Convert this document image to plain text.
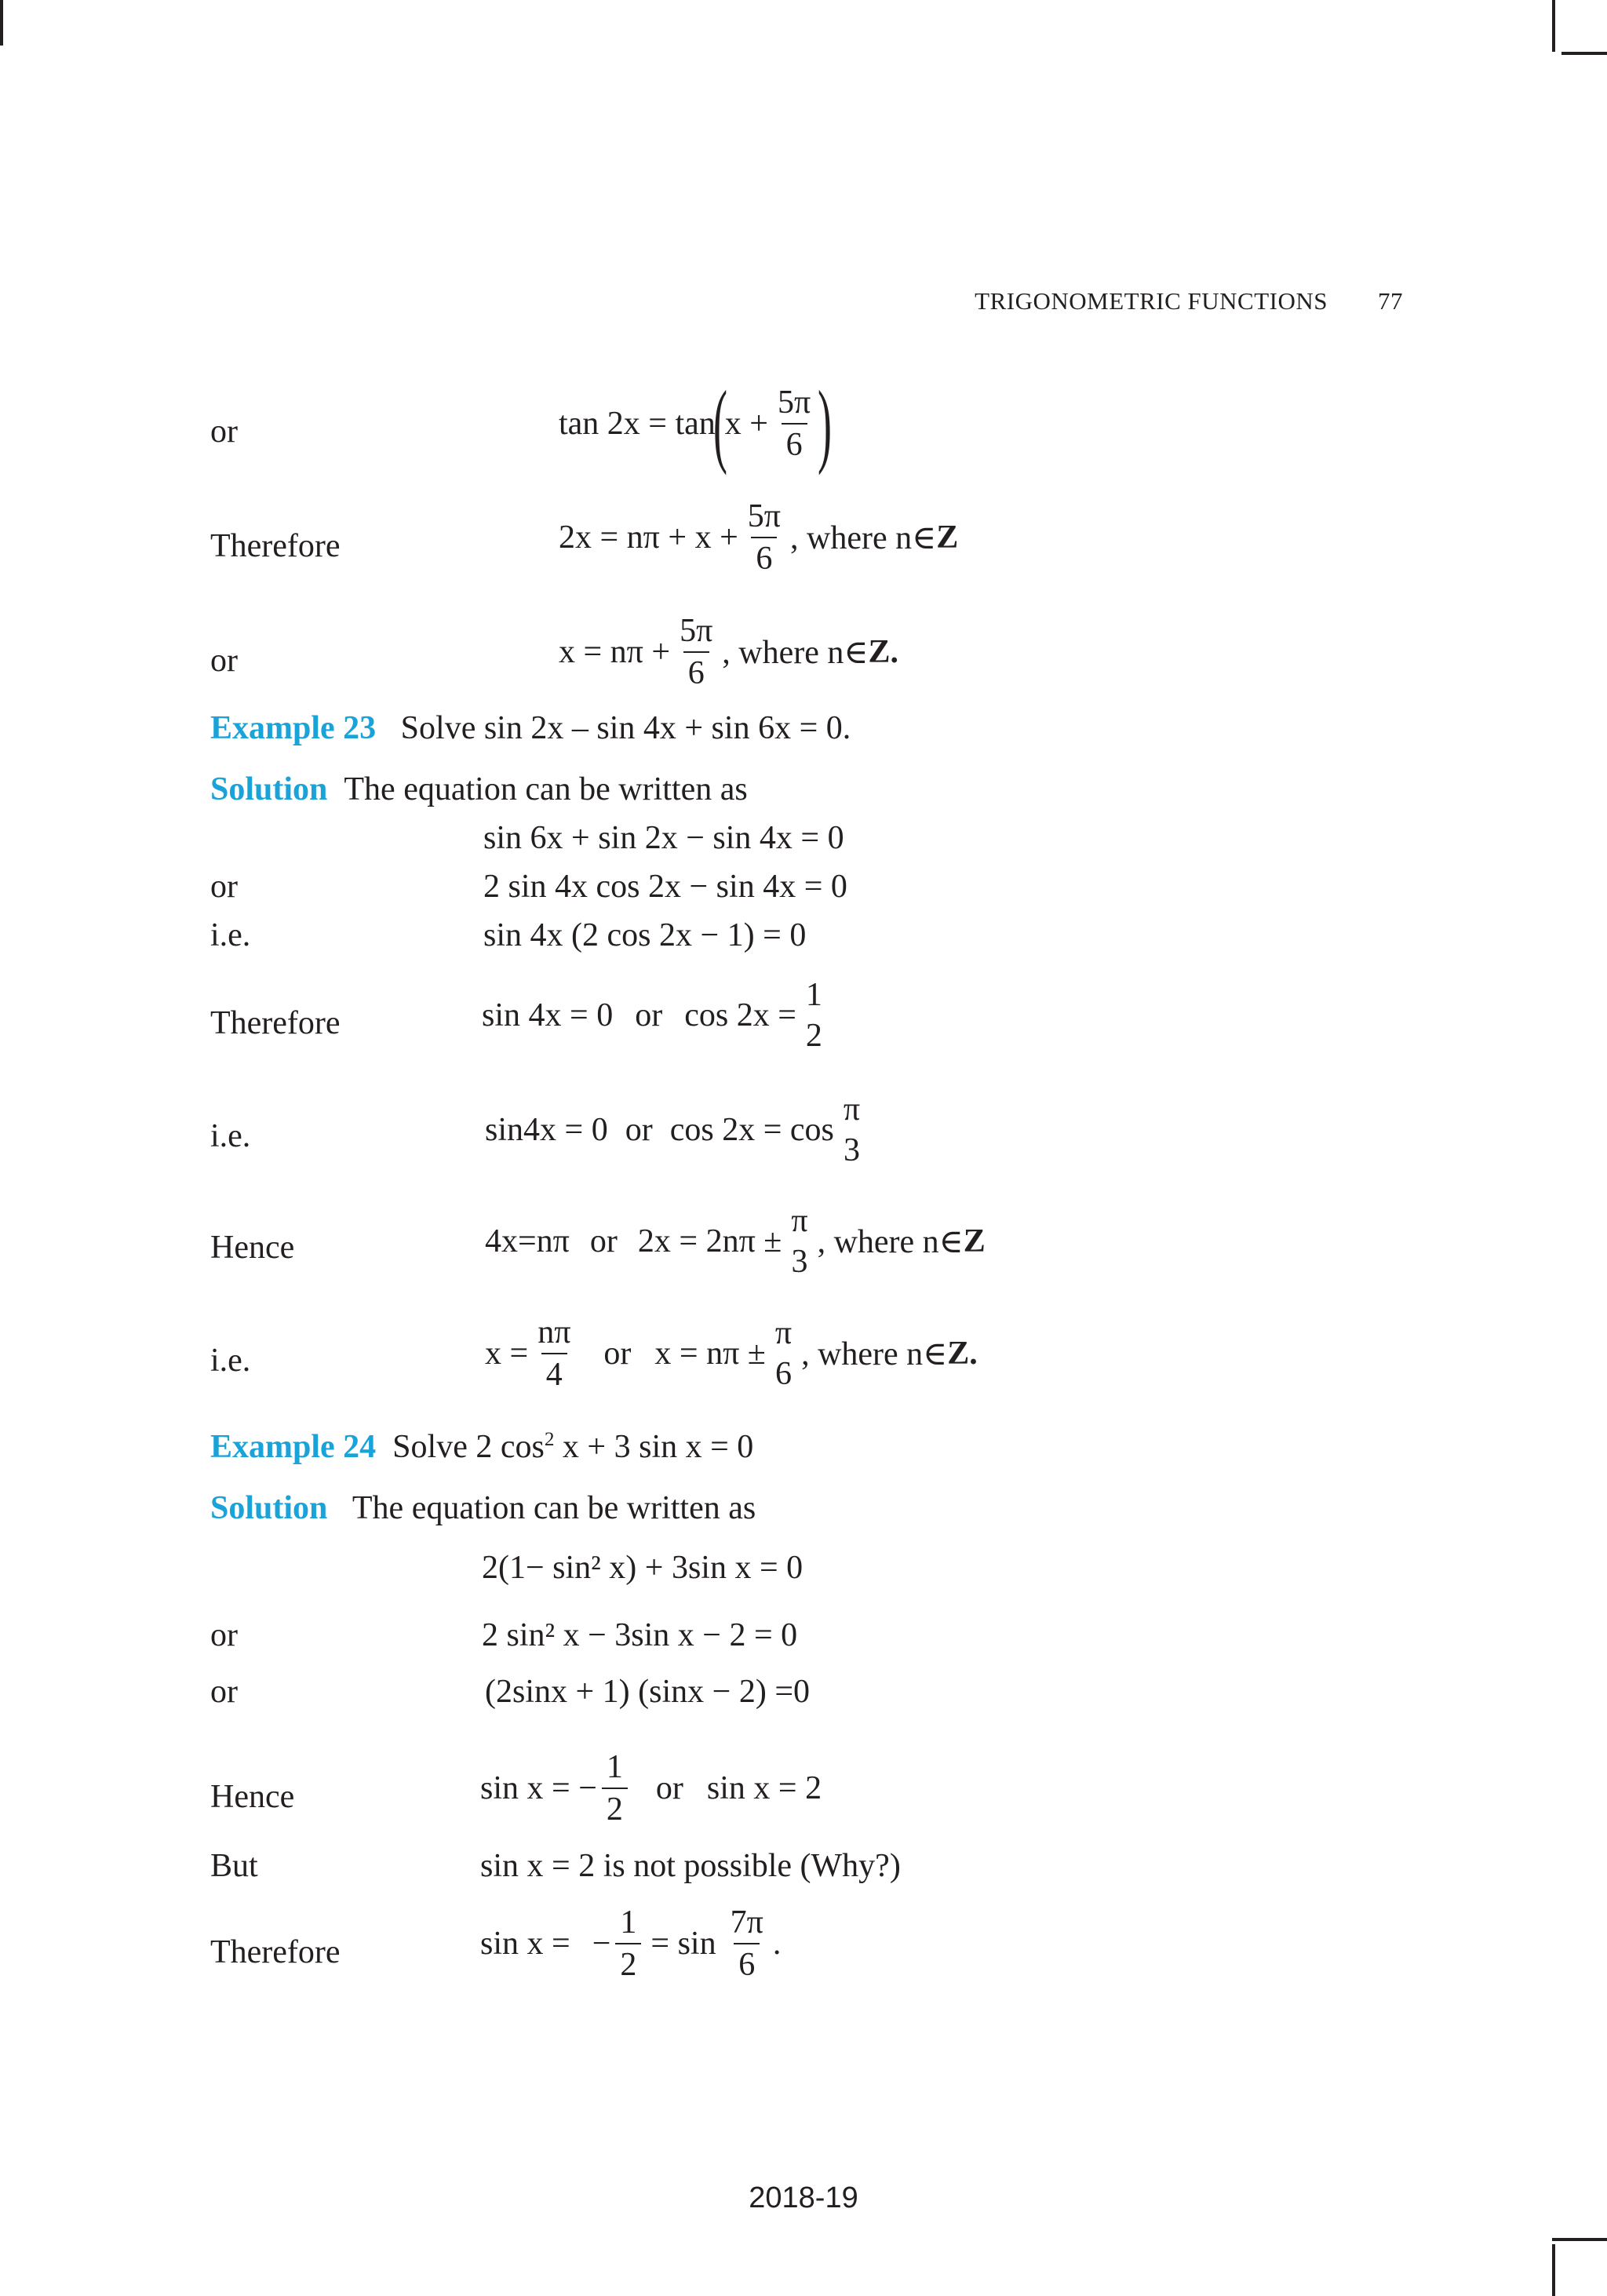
TRIGONOMETRIC FUNCTIONS 77
or	tan 2x = tan
(
$x + \frac{5\pi}{6}$ )
Therefore	$2x = n\pi + x + \frac{5\pi}{6}$ , where n∈ Z
or	$x = n\pi + \frac{5\pi}{6}$ , where n∈ Z.
Example 23 Solve sin 2x – sin 4x + sin 6x = 0.
Solution The equation can be written as
sin 6x + sin 2x − sin 4x = 0
or	2 sin 4x cos 2x − sin 4x = 0
i.e.	sin 4x (2 cos 2x − 1) = 0
Therefore	sin 4x = 0 or cos 2x =
1
2
i.e.	sin4x = 0 or cos 2x = cos
π
3
Hence	4x=nπ or 2x = 2nπ ±
π
3
, where n∈ Z
i.e.	$x = \frac{n\pi}{4}$ or x = nπ ±
π
6
, where n∈ Z.
Example 24 Solve 2 $\cos^2 x + 3$ sin x = 0
Solution The equation can be written as
2(1− sin² x) + 3sin x = 0
or	2 sin² x − 3sin x − 2 = 0
or	(2sinx + 1) (sinx − 2) =0
Hence	sin x = − $\frac{1}{2}$ or sin x = 2
But	sin x = 2 is not possible (Why?)
Therefore	sin x = − $\frac{1}{2} = \sin \frac{7\pi}{6}$ .
2018-19
